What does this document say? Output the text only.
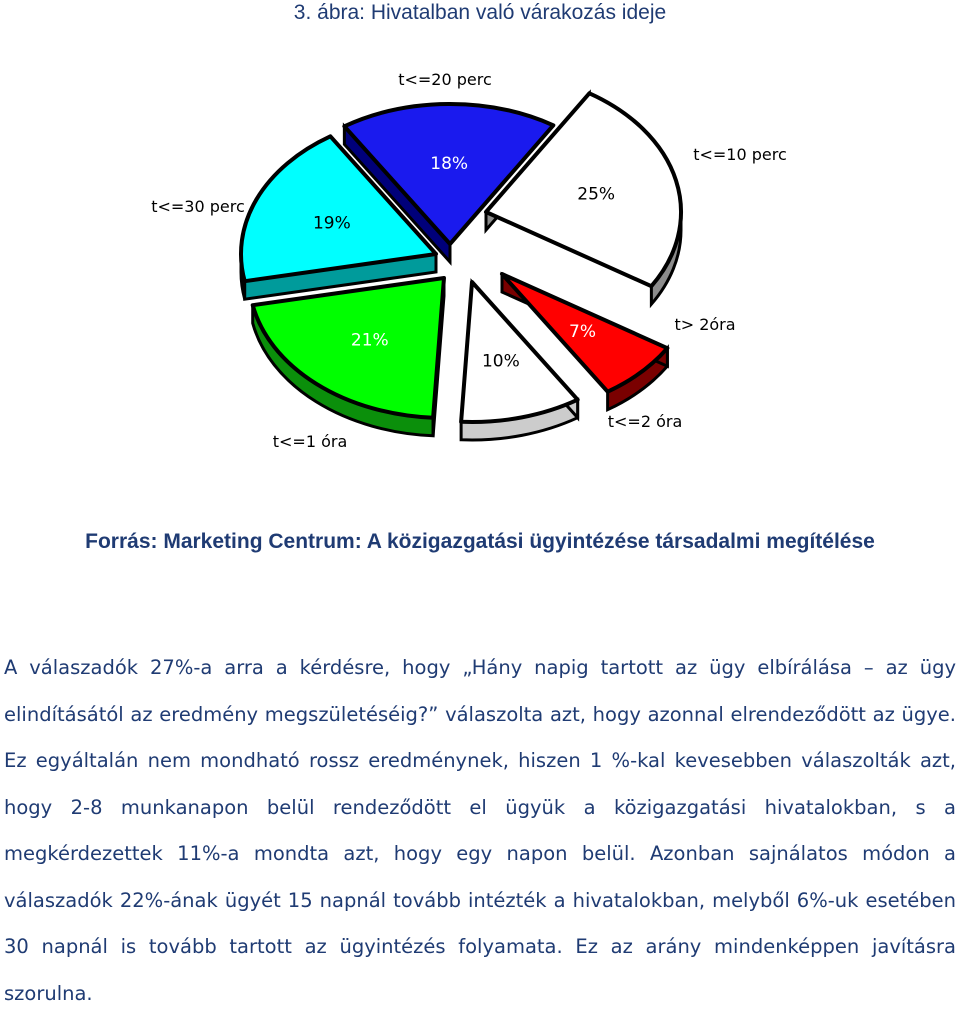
3. ábra: Hivatalban való várakozás ideje
25%
t<=10 perc
7%	t> 2óra
10%
t<=2 óra
21%
t<=1 óra
19%
t<=30 perc
18%
t<=20 perc
Forrás: Marketing Centrum: A közigazgatási ügyintézése társadalmi megítélése
A válaszadók 27%-a arra a kérdésre, hogy „Hány napig tartott az ügy elbírálása – az ügy elindításától az eredmény megszületéséig?” válaszolta azt, hogy azonnal elrendeződött az ügye. Ez egyáltalán nem mondható rossz eredménynek, hiszen 1 %-kal kevesebben válaszolták azt, hogy 2-8 munkanapon belül rendeződött el ügyük a közigazgatási hivatalokban, s a megkérdezettek 11%-a mondta azt, hogy egy napon belül. Azonban sajnálatos módon a válaszadók 22%-ának ügyét 15 napnál tovább intézték a hivatalokban, melyből 6%-uk esetében 30 napnál is tovább tartott az ügyintézés folyamata. Ez az arány mindenképpen javításra szorulna.
